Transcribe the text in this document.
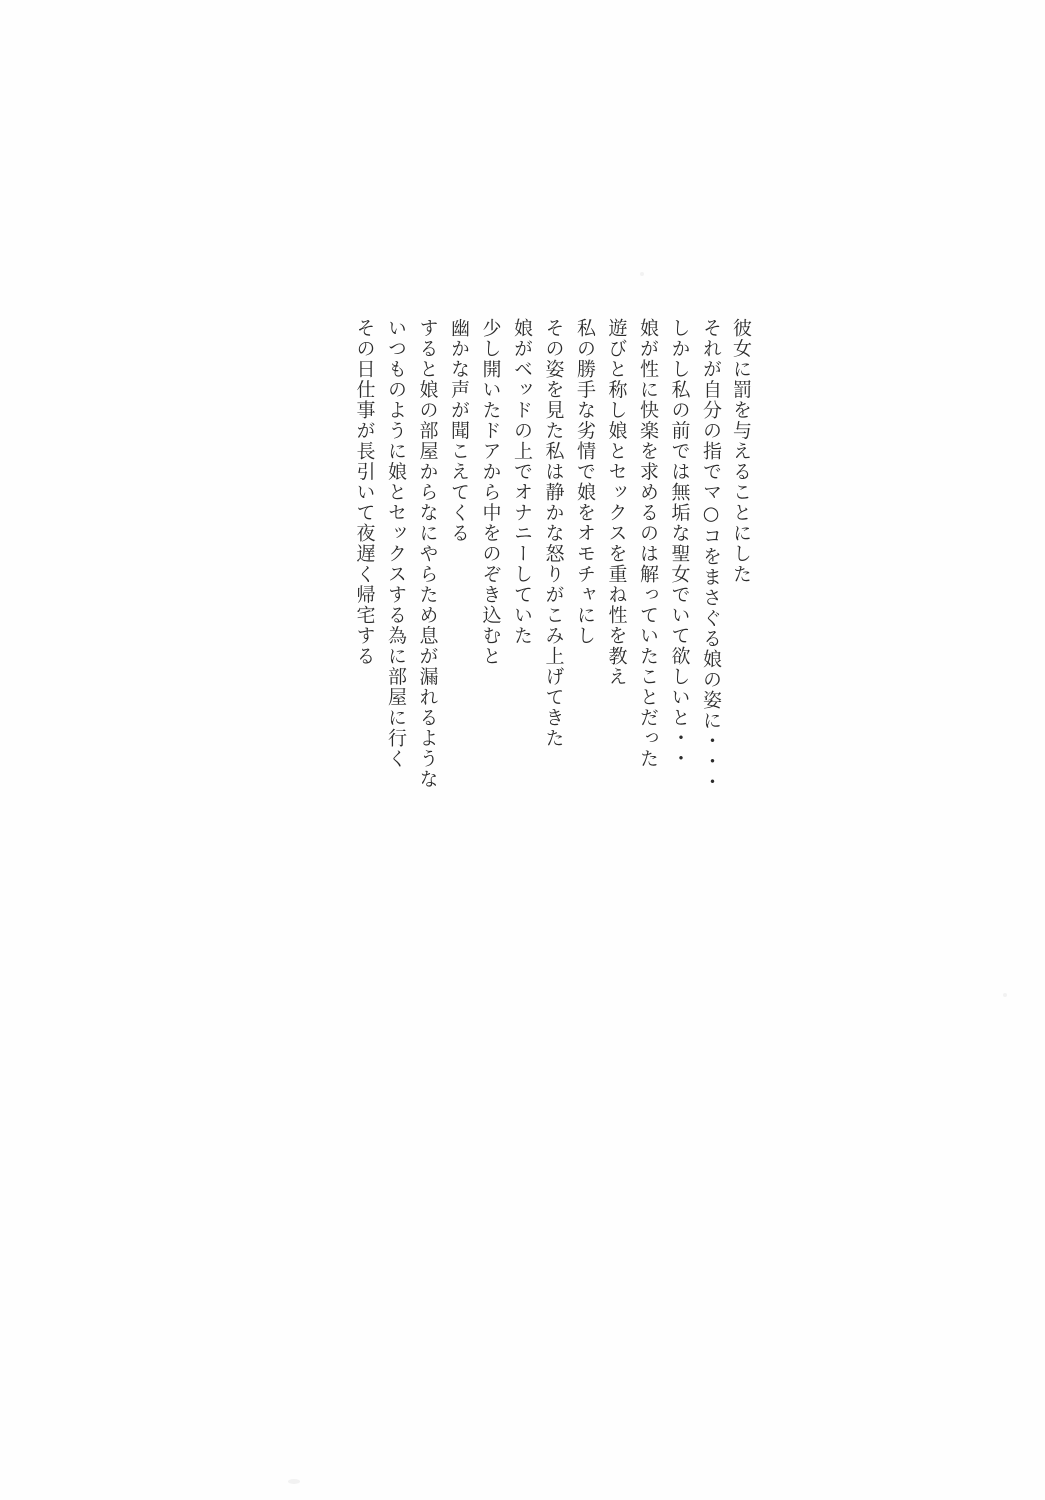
その日仕事が長引いて夜遅く帰宅する いつものように娘とセックスする為に部屋に行く すると娘の部屋からなにやらため息が漏れるような 幽かな声が聞こえてくる 少し開いたドアから中をのぞき込むと 娘がベッドの上でオナニーしていた その姿を見た私は静かな怒りがこみ上げてきた 私の勝手な劣情で娘をオモチャにし 遊びと称し娘とセックスを重ね性を教え 娘が性に快楽を求めるのは解っていたことだった しかし私の前では無垢な聖女でいて欲しいと・・ それが自分の指でマ○コをまさぐる娘の姿に・・・ 彼女に罰を与えることにした
